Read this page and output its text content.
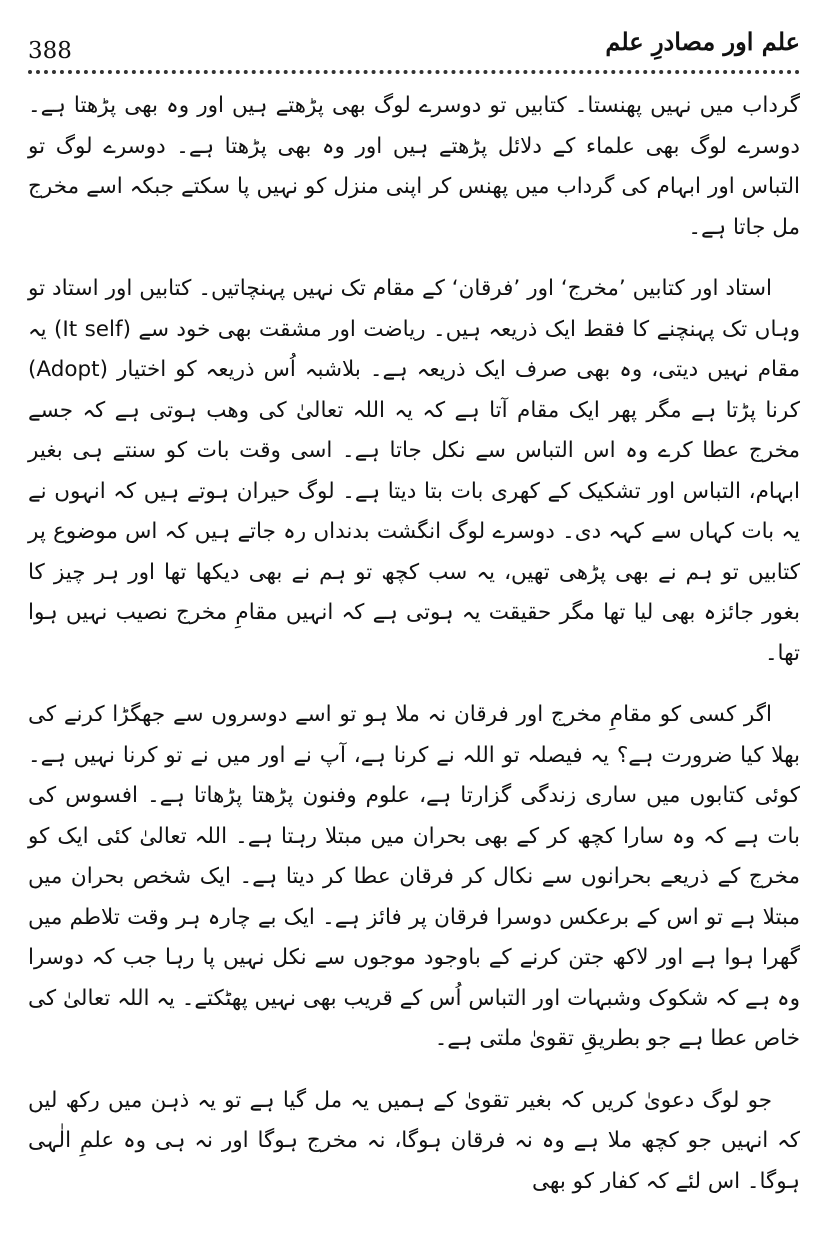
388	علم اور مصادرِ علم

گرداب میں نہیں پھنستا۔ کتابیں تو دوسرے لوگ بھی پڑھتے ہیں اور وہ بھی پڑھتا ہے۔ دوسرے لوگ بھی علماء کے دلائل پڑھتے ہیں اور وہ بھی پڑھتا ہے۔ دوسرے لوگ تو التباس اور ابہام کی گرداب میں پھنس کر اپنی منزل کو نہیں پا سکتے جبکہ اسے مخرج مل جاتا ہے۔

استاد اور کتابیں ’مخرج‘ اور ’فرقان‘ کے مقام تک نہیں پہنچاتیں۔ کتابیں اور استاد تو وہاں تک پہنچنے کا فقط ایک ذریعہ ہیں۔ ریاضت اور مشقت بھی خود سے (It self) یہ مقام نہیں دیتی، وہ بھی صرف ایک ذریعہ ہے۔ بلاشبہ اُس ذریعہ کو اختیار (Adopt) کرنا پڑتا ہے مگر پھر ایک مقام آتا ہے کہ یہ اللہ تعالیٰ کی وھب ہوتی ہے کہ جسے مخرج عطا کرے وہ اس التباس سے نکل جاتا ہے۔ اسی وقت بات کو سنتے ہی بغیر ابہام، التباس اور تشکیک کے کھری بات بتا دیتا ہے۔ لوگ حیران ہوتے ہیں کہ انہوں نے یہ بات کہاں سے کہہ دی۔ دوسرے لوگ انگشت بدنداں رہ جاتے ہیں کہ اس موضوع پر کتابیں تو ہم نے بھی پڑھی تھیں، یہ سب کچھ تو ہم نے بھی دیکھا تھا اور ہر چیز کا بغور جائزہ بھی لیا تھا مگر حقیقت یہ ہوتی ہے کہ انہیں مقامِ مخرج نصیب نہیں ہوا تھا۔

اگر کسی کو مقامِ مخرج اور فرقان نہ ملا ہو تو اسے دوسروں سے جھگڑا کرنے کی بھلا کیا ضرورت ہے؟ یہ فیصلہ تو اللہ نے کرنا ہے، آپ نے اور میں نے تو کرنا نہیں ہے۔ کوئی کتابوں میں ساری زندگی گزارتا ہے، علوم وفنون پڑھتا پڑھاتا ہے۔ افسوس کی بات ہے کہ وہ سارا کچھ کر کے بھی بحران میں مبتلا رہتا ہے۔ اللہ تعالیٰ کئی ایک کو مخرج کے ذریعے بحرانوں سے نکال کر فرقان عطا کر دیتا ہے۔ ایک شخص بحران میں مبتلا ہے تو اس کے برعکس دوسرا فرقان پر فائز ہے۔ ایک بے چارہ ہر وقت تلاطم میں گھرا ہوا ہے اور لاکھ جتن کرنے کے باوجود موجوں سے نکل نہیں پا رہا جب کہ دوسرا وہ ہے کہ شکوک وشبہات اور التباس اُس کے قریب بھی نہیں پھٹکتے۔ یہ اللہ تعالیٰ کی خاص عطا ہے جو بطریقِ تقویٰ ملتی ہے۔

جو لوگ دعویٰ کریں کہ بغیر تقویٰ کے ہمیں یہ مل گیا ہے تو یہ ذہن میں رکھ لیں کہ انہیں جو کچھ ملا ہے وہ نہ فرقان ہوگا، نہ مخرج ہوگا اور نہ ہی وہ علمِ الٰہی ہوگا۔ اس لئے کہ کفار کو بھی
